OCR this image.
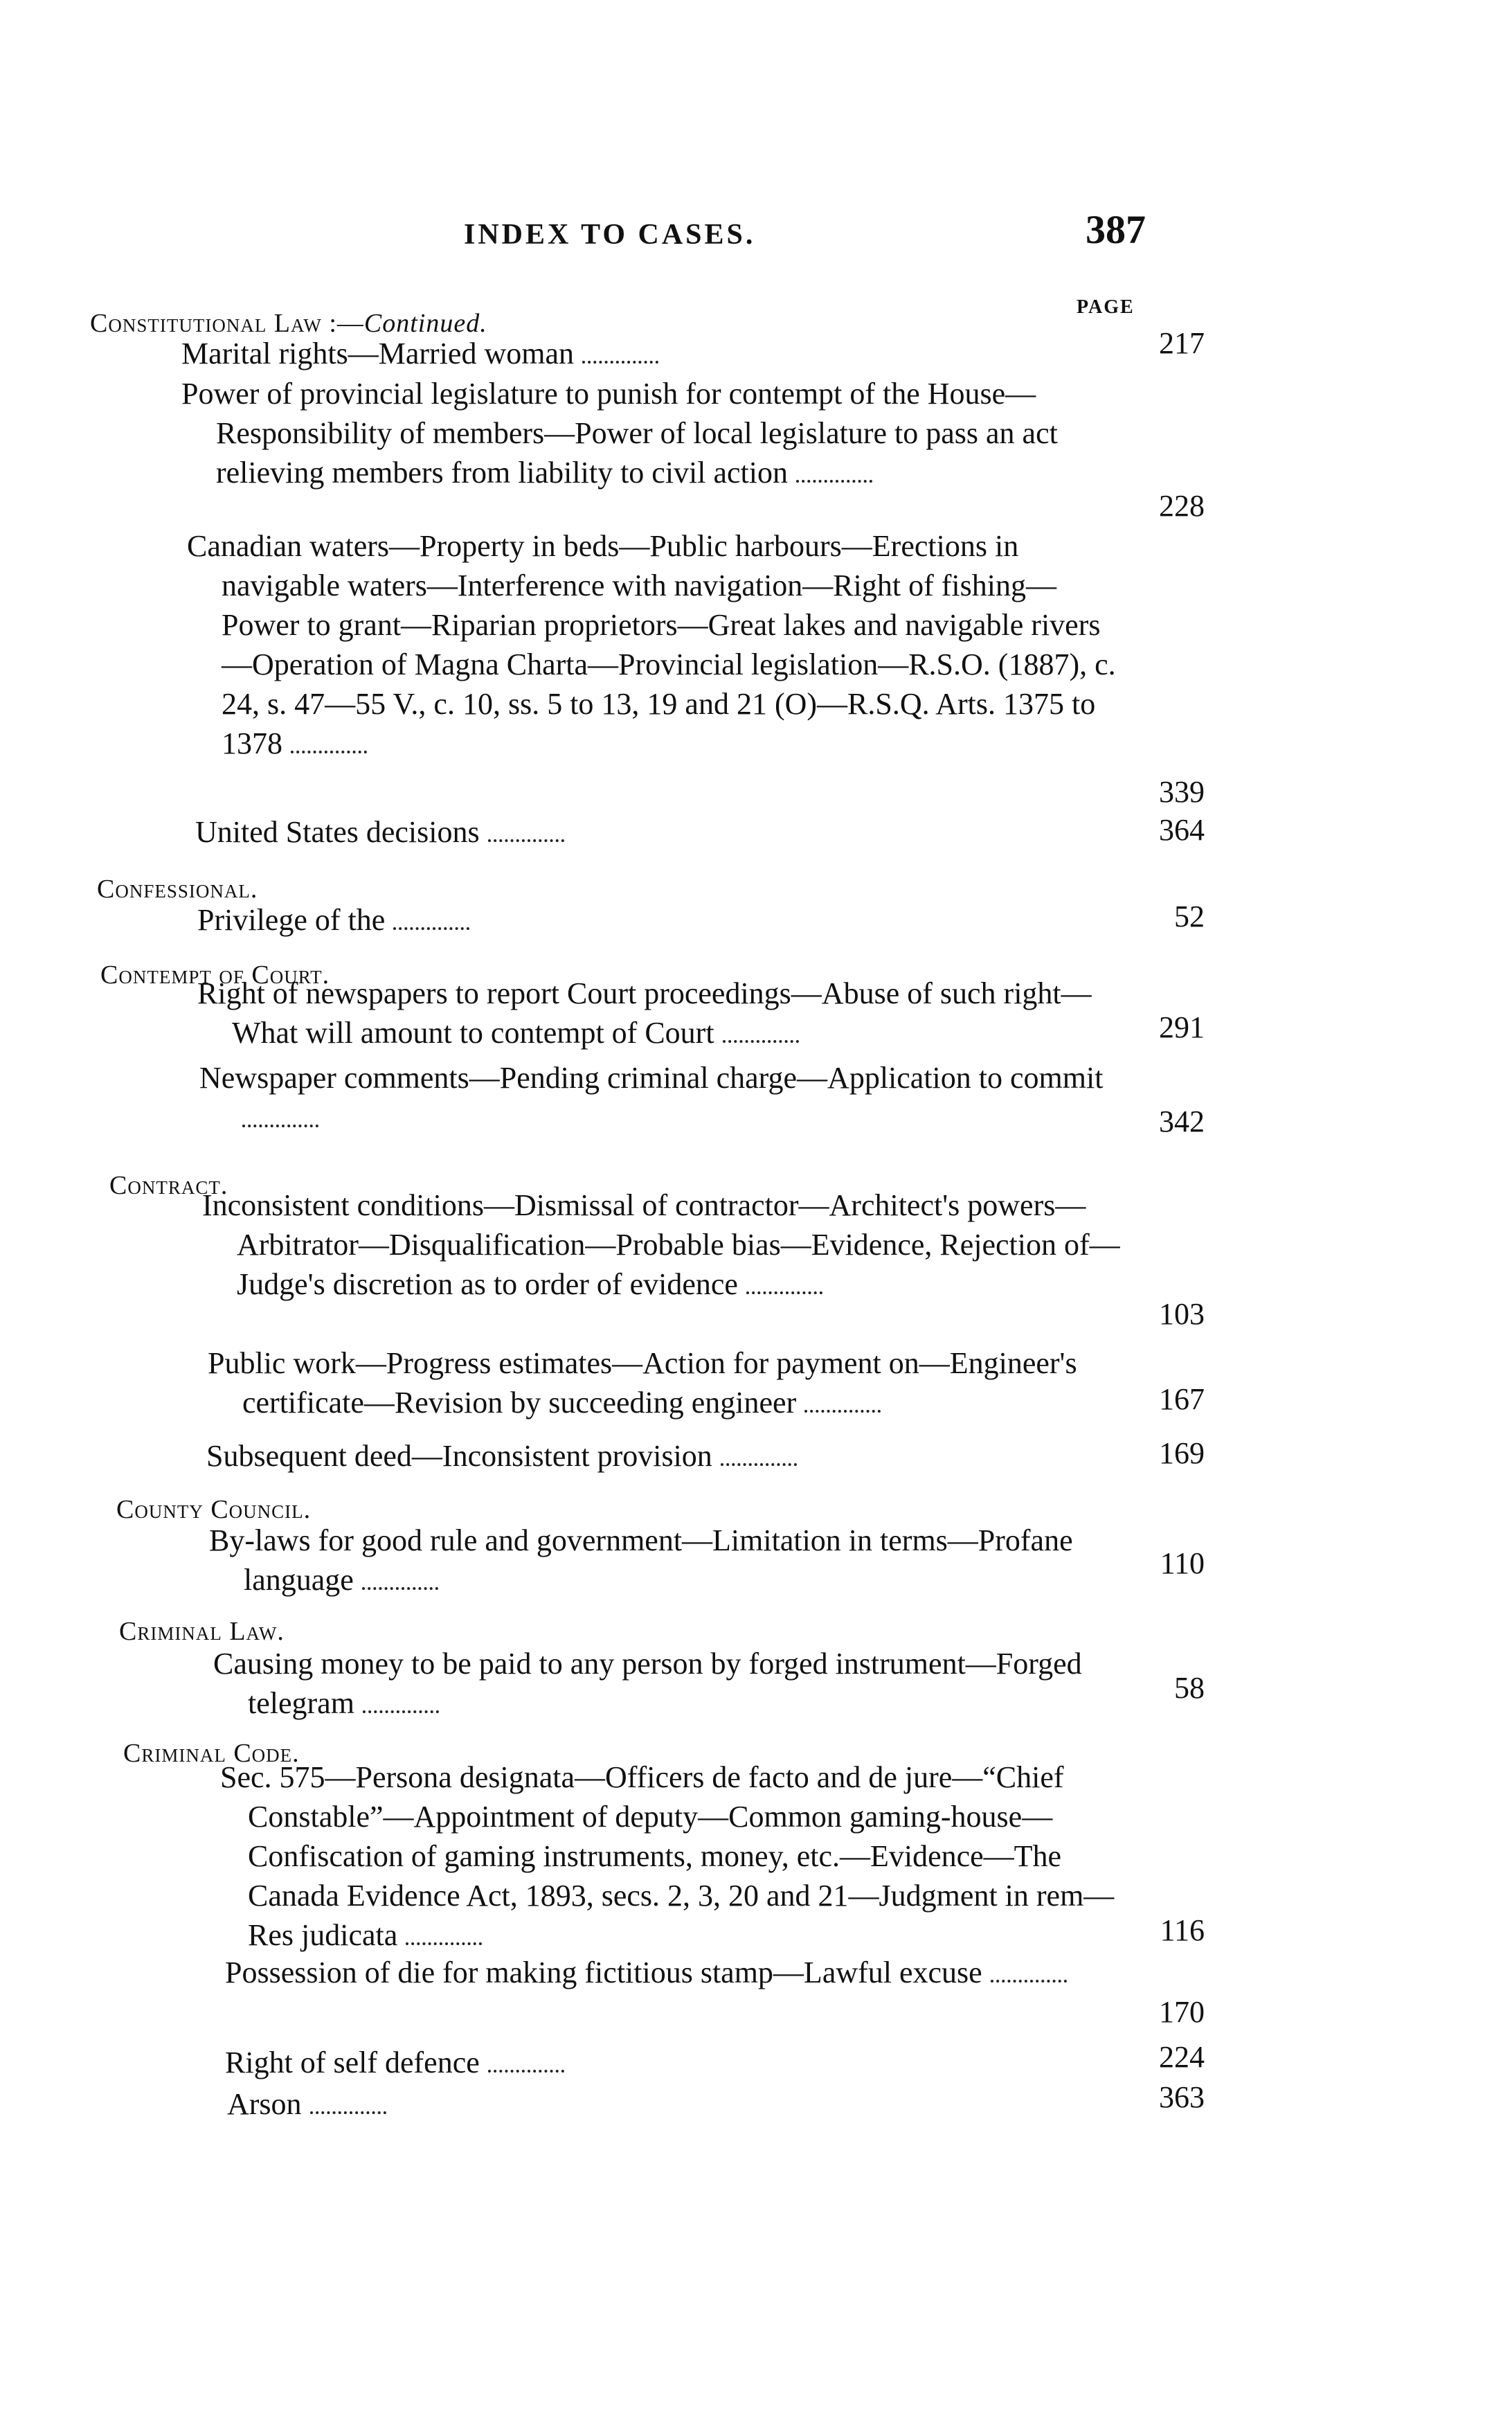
INDEX TO CASES.	387
PAGE
Constitutional Law :—Continued.
Marital rights—Married woman	217
Power of provincial legislature to punish for contempt of the House—Responsibility of members—Power of local legislature to pass an act relieving members from liability to civil action
228
Canadian waters—Property in beds—Public harbours—Erections in navigable waters—Interference with navigation—Right of fishing—Power to grant—Riparian proprietors—Great lakes and navigable rivers—Operation of Magna Charta—Provincial legislation—R.S.O. (1887), c. 24, s. 47—55 V., c. 10, ss. 5 to 13, 19 and 21 (O)—R.S.Q. Arts. 1375 to 1378
339
United States decisions	364
Confessional.
Privilege of the	52
Contempt of Court.
Right of newspapers to report Court proceedings—Abuse of such right—What will amount to contempt of Court	291
Newspaper comments—Pending criminal charge—Application to commit
342
Contract.
Inconsistent conditions—Dismissal of contractor—Architect's powers—Arbitrator—Disqualification—Probable bias—Evidence, Rejection of—Judge's discretion as to order of evidence
103
Public work—Progress estimates—Action for payment on—Engineer's certificate—Revision by succeeding engineer	167
Subsequent deed—Inconsistent provision	169
County Council.
By-laws for good rule and government—Limitation in terms—Profane language	110
Criminal Law.
Causing money to be paid to any person by forged instrument—Forged telegram	58
Criminal Code.
Sec. 575—Persona designata—Officers de facto and de jure—“Chief Constable”—Appointment of deputy—Common gaming-house—Confiscation of gaming instruments, money, etc.—Evidence—The Canada Evidence Act, 1893, secs. 2, 3, 20 and 21—Judgment in rem—Res judicata	116
Possession of die for making fictitious stamp—Lawful excuse
170
Right of self defence	224
Arson	363
